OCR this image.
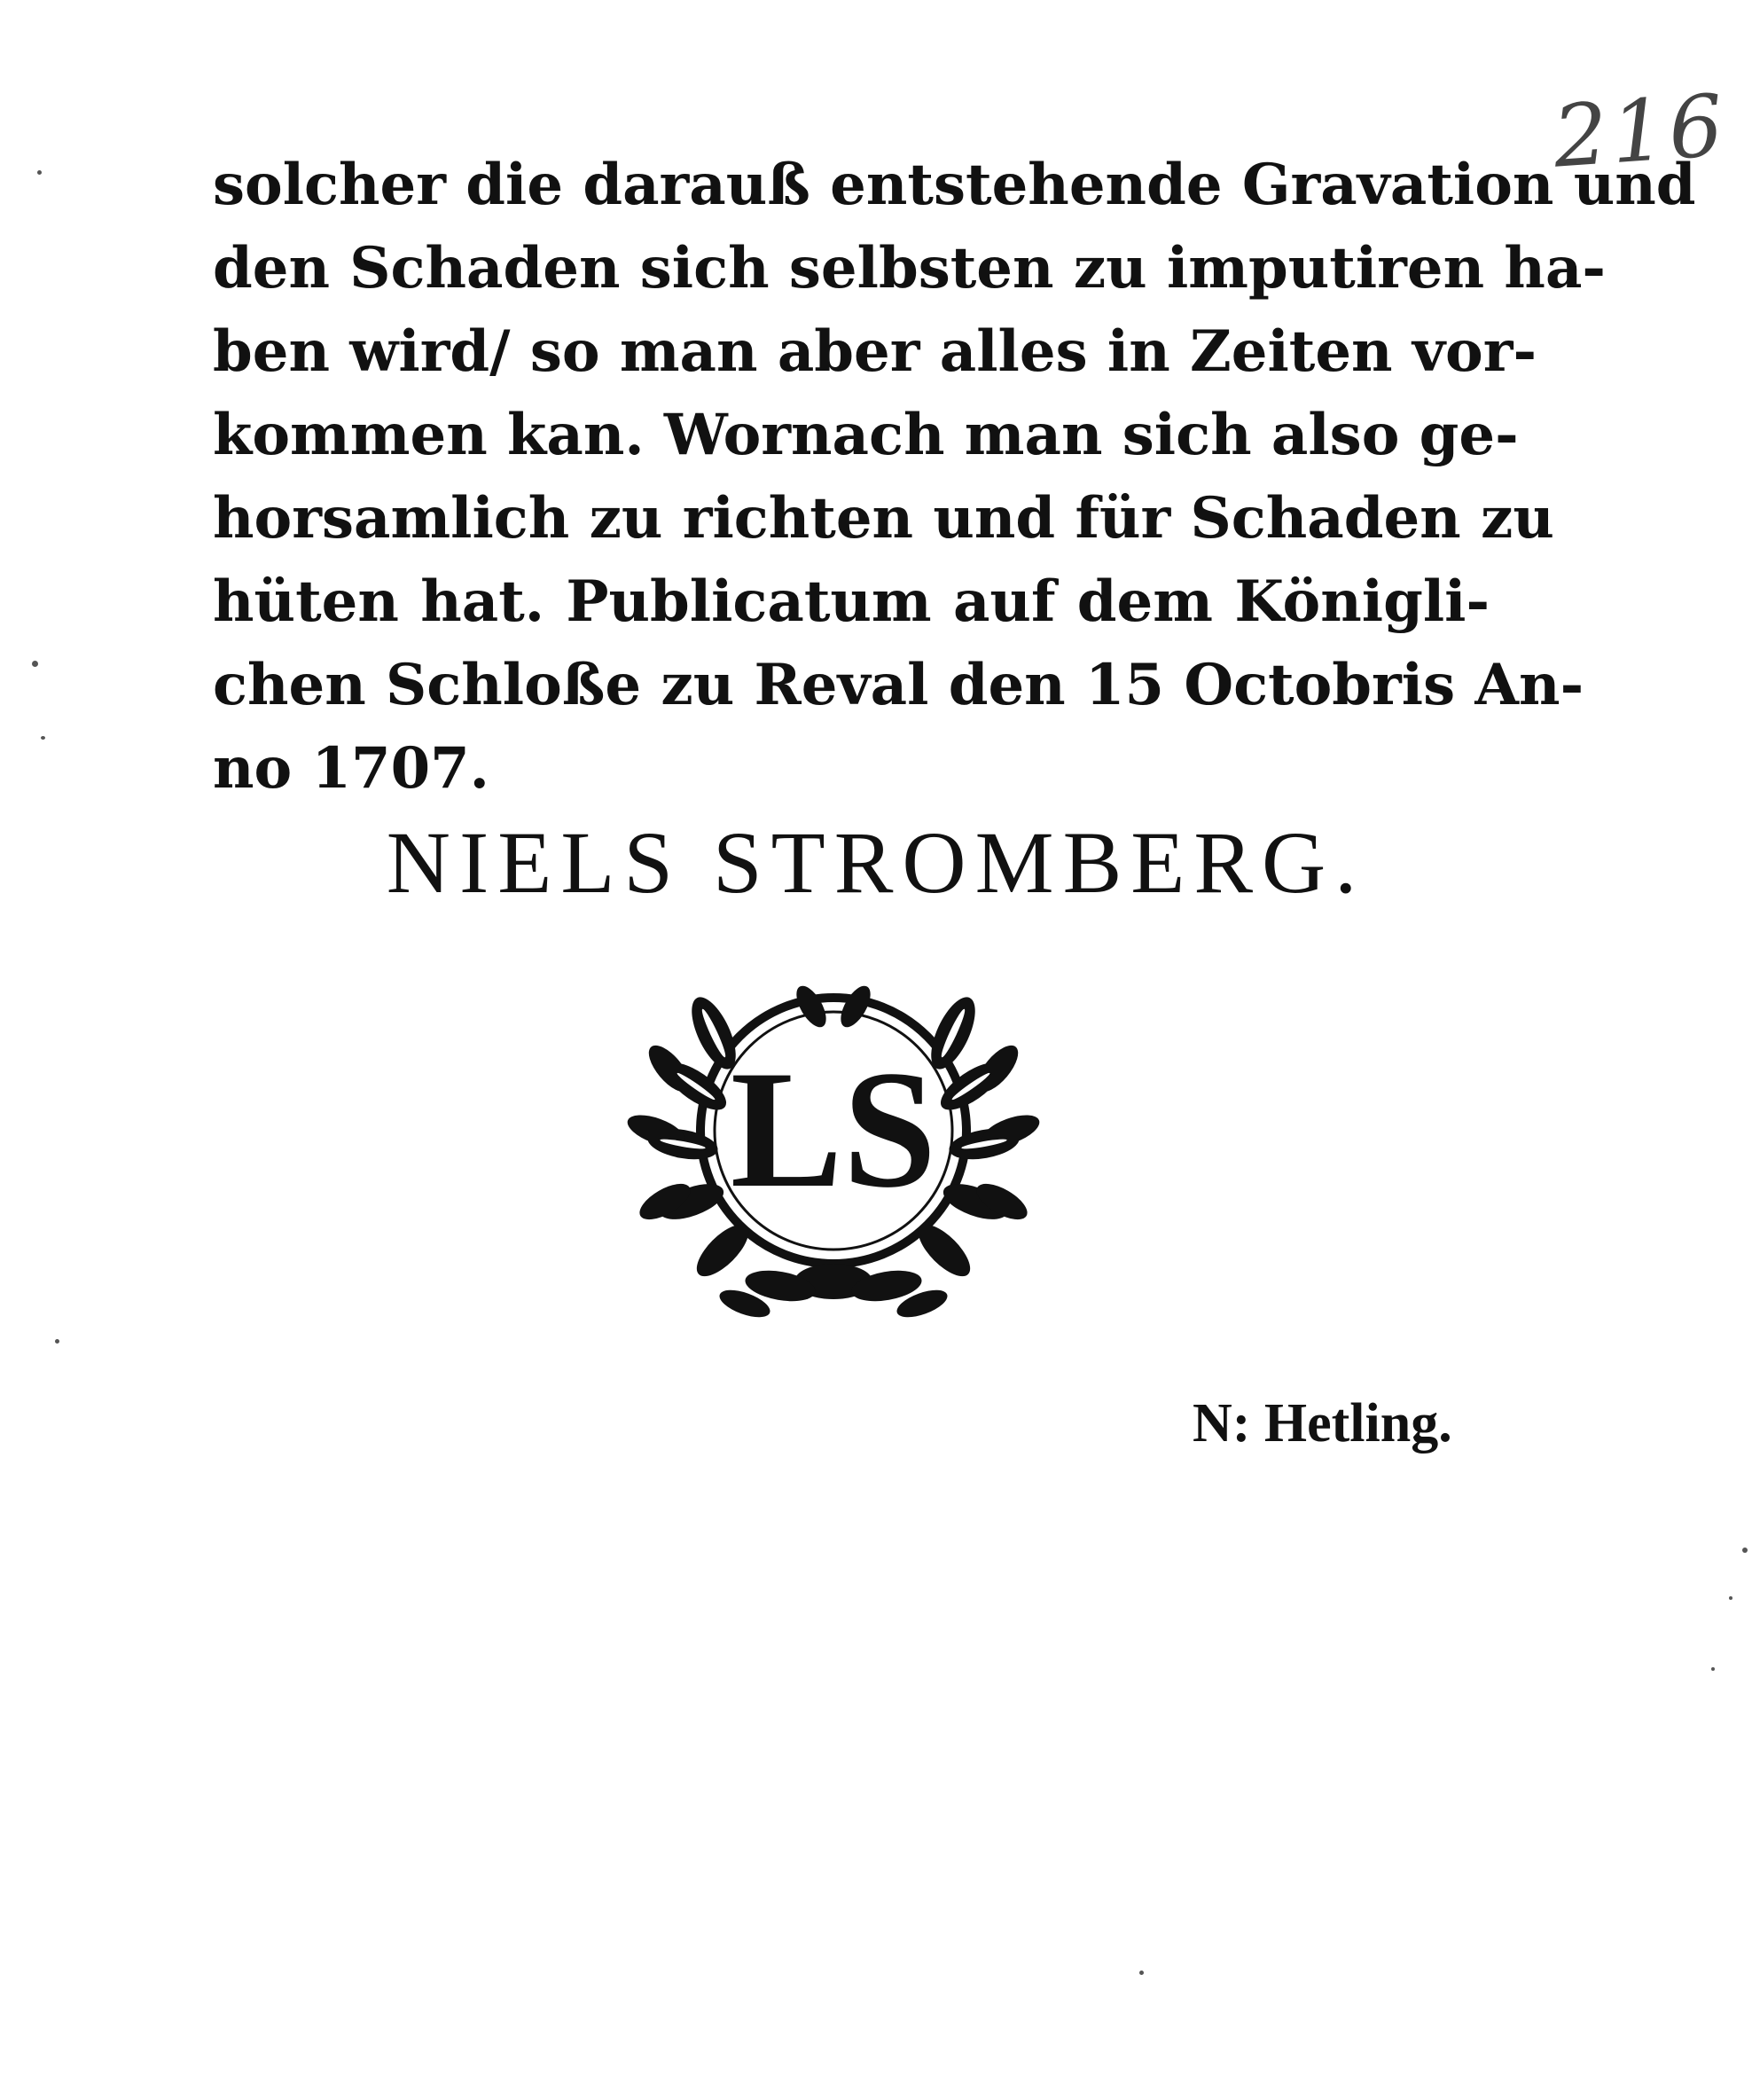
216
solcher die darauß entstehende Gravation und
den Schaden sich selbsten zu imputiren ha-
ben wird/ so man aber alles in Zeiten vor-
kommen kan. Wornach man sich also ge-
horsamlich zu richten und für Schaden zu
hüten hat. Publicatum auf dem Königli-
chen Schloße zu Reval den 15 Octobris An-
no 1707.
NIELS STROMBERG.
LS
N: Hetling.
